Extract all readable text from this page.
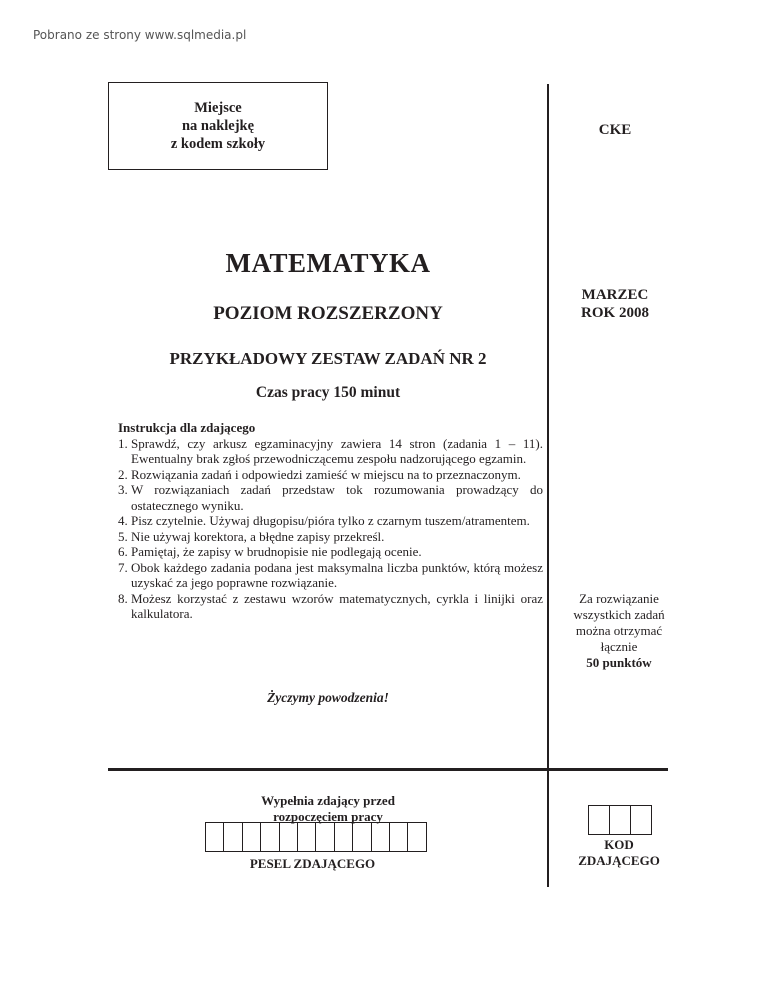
Pobrano ze strony www.sqlmedia.pl
Miejsce
na naklejkę
z kodem szkoły
CKE
MATEMATYKA
POZIOM ROZSZERZONY
MARZEC
ROK 2008
PRZYKŁADOWY ZESTAW ZADAŃ NR 2
Czas pracy 150 minut
Instrukcja dla zdającego
1. Sprawdź, czy arkusz egzaminacyjny zawiera 14 stron (zadania 1 – 11). Ewentualny brak zgłoś przewodniczącemu zespołu nadzorującego egzamin.
2. Rozwiązania zadań i odpowiedzi zamieść w miejscu na to przeznaczonym.
3. W rozwiązaniach zadań przedstaw tok rozumowania prowadzący do ostatecznego wyniku.
4. Pisz czytelnie. Używaj długopisu/pióra tylko z czarnym tuszem/atramentem.
5. Nie używaj korektora, a błędne zapisy przekreśl.
6. Pamiętaj, że zapisy w brudnopisie nie podlegają ocenie.
7. Obok każdego zadania podana jest maksymalna liczba punktów, którą możesz uzyskać za jego poprawne rozwiązanie.
8. Możesz korzystać z zestawu wzorów matematycznych, cyrkla i linijki oraz kalkulatora.
Za rozwiązanie
wszystkich zadań
można otrzymać
łącznie
50 punktów
Życzymy powodzenia!
Wypełnia zdający przed
rozpoczęciem pracy
PESEL ZDAJĄCEGO
KOD
ZDAJĄCEGO
